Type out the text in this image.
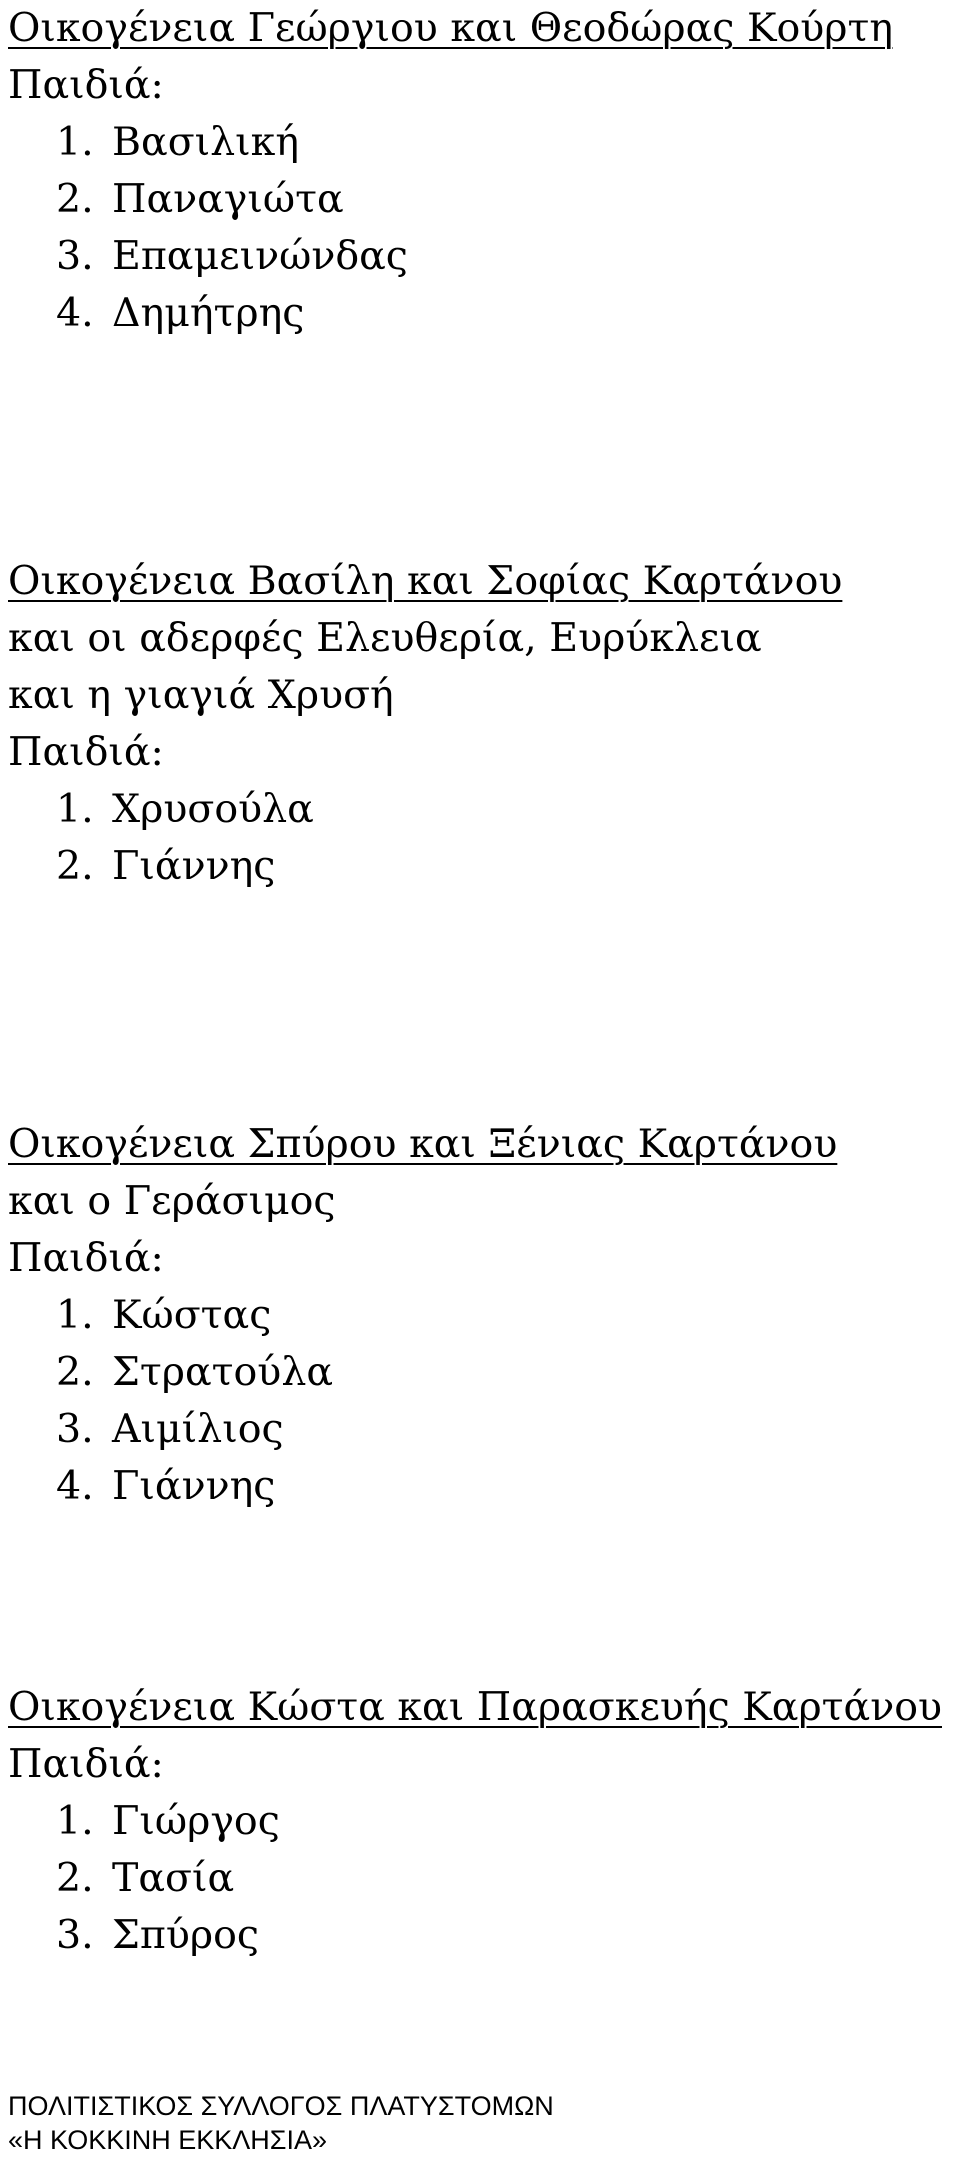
Οικογένεια Γεώργιου και Θεοδώρας Κούρτη

Παιδιά:

1. Βασιλική
2. Παναγιώτα
3. Επαμεινώνδας
4. Δημήτρης
Οικογένεια Βασίλη και Σοφίας Καρτάνου

και οι αδερφές Ελευθερία, Ευρύκλεια

και η γιαγιά Χρυσή

Παιδιά:

1. Χρυσούλα
2. Γιάννης
Οικογένεια Σπύρου και Ξένιας Καρτάνου

και ο Γεράσιμος

Παιδιά:

1. Κώστας
2. Στρατούλα
3. Αιμίλιος
4. Γιάννης
Οικογένεια Κώστα και Παρασκευής Καρτάνου

Παιδιά:

1. Γιώργος
2. Τασία
3. Σπύρος
ΠΟΛΙΤΙΣΤΙΚΟΣ ΣΥΛΛΟΓΟΣ ΠΛΑΤΥΣΤΟΜΩΝ
«Η ΚΟΚΚΙΝΗ ΕΚΚΛΗΣΙΑ»
